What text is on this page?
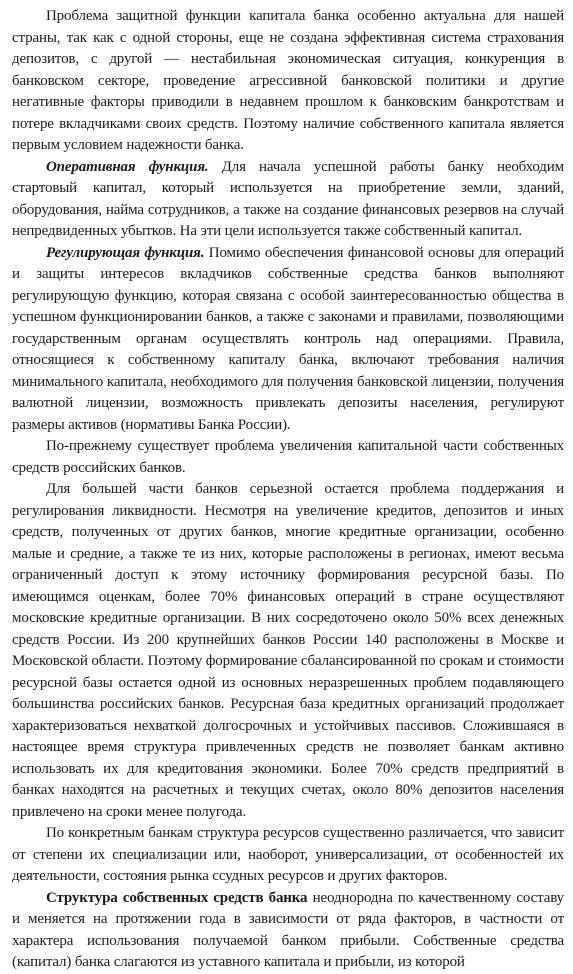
Проблема защитной функции капитала банка особенно актуальна для нашей страны, так как с одной стороны, еще не создана эффективная система страхования депозитов, с другой — нестабильная экономическая ситуация, конкуренция в банковском секторе, проведение агрессивной банковской политики и другие негативные факторы приводили в недавнем прошлом к банковским банкротствам и потере вкладчиками своих средств. Поэтому наличие собственного капитала является первым условием надежности банка.

Оперативная функция. Для начала успешной работы банку необходим стартовый капитал, который используется на приобретение земли, зданий, оборудования, найма сотрудников, а также на создание финансовых резервов на случай непредвиденных убытков. На эти цели используется также собственный капитал.

Регулирующая функция. Помимо обеспечения финансовой основы для операций и защиты интересов вкладчиков собственные средства банков выполняют регулирующую функцию, которая связана с особой заинтересованностью общества в успешном функционировании банков, а также с законами и правилами, позволяющими государственным органам осуществлять контроль над операциями. Правила, относящиеся к собственному капиталу банка, включают требования наличия минимального капитала, необходимого для получения банковской лицензии, получения валютной лицензии, возможность привлекать депозиты населения, регулируют размеры активов (нормативы Банка России).

По-прежнему существует проблема увеличения капитальной части собственных средств российских банков.

Для большей части банков серьезной остается проблема поддержания и регулирования ликвидности. Несмотря на увеличение кредитов, депозитов и иных средств, полученных от других банков, многие кредитные организации, особенно малые и средние, а также те из них, которые расположены в регионах, имеют весьма ограниченный доступ к этому источнику формирования ресурсной базы. По имеющимся оценкам, более 70% финансовых операций в стране осуществляют московские кредитные организации. В них сосредоточено около 50% всех денежных средств России. Из 200 крупнейших банков России 140 расположены в Москве и Московской области. Поэтому формирование сбалансированной по срокам и стоимости ресурсной базы остается одной из основных неразрешенных проблем подавляющего большинства российских банков. Ресурсная база кредитных организаций продолжает характеризоваться нехваткой долгосрочных и устойчивых пассивов. Сложившаяся в настоящее время структура привлеченных средств не позволяет банкам активно использовать их для кредитования экономики. Более 70% средств предприятий в банках находятся на расчетных и текущих счетах, около 80% депозитов населения привлечено на сроки менее полугода.

По конкретным банкам структура ресурсов существенно различается, что зависит от степени их специализации или, наоборот, универсализации, от особенностей их деятельности, состояния рынка ссудных ресурсов и других факторов.

Структура собственных средств банка неоднородна по качественному составу и меняется на протяжении года в зависимости от ряда факторов, в частности от характера использования получаемой банком прибыли. Собственные средства (капитал) банка слагаются из уставного капитала и прибыли, из которой
